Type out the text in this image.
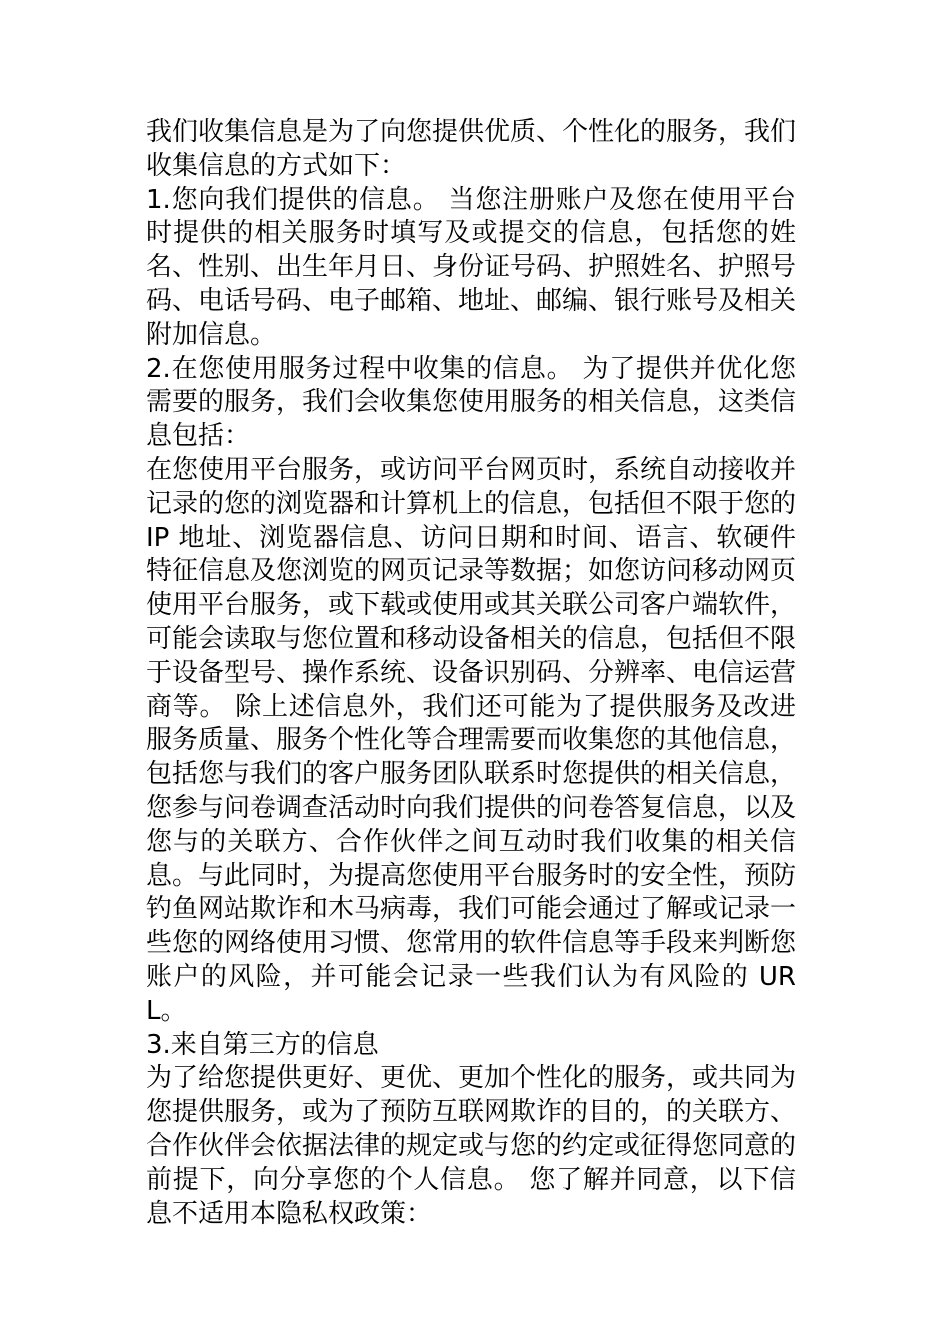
我们收集信息是为了向您提供优质、个性化的服务，我们收集信息的方式如下：

1.您向我们提供的信息。 当您注册账户及您在使用平台时提供的相关服务时填写及或提交的信息，包括您的姓名、性别、出生年月日、身份证号码、护照姓名、护照号码、电话号码、电子邮箱、地址、邮编、银行账号及相关附加信息。

2.在您使用服务过程中收集的信息。 为了提供并优化您需要的服务，我们会收集您使用服务的相关信息，这类信息包括：

在您使用平台服务，或访问平台网页时，系统自动接收并记录的您的浏览器和计算机上的信息，包括但不限于您的IP 地址、浏览器信息、访问日期和时间、语言、软硬件特征信息及您浏览的网页记录等数据；如您访问移动网页使用平台服务，或下载或使用或其关联公司客户端软件，可能会读取与您位置和移动设备相关的信息，包括但不限于设备型号、操作系统、设备识别码、分辨率、电信运营商等。 除上述信息外，我们还可能为了提供服务及改进服务质量、服务个性化等合理需要而收集您的其他信息，包括您与我们的客户服务团队联系时您提供的相关信息，您参与问卷调查活动时向我们提供的问卷答复信息，以及您与的关联方、合作伙伴之间互动时我们收集的相关信息。与此同时，为提高您使用平台服务时的安全性，预防钓鱼网站欺诈和木马病毒，我们可能会通过了解或记录一些您的网络使用习惯、您常用的软件信息等手段来判断您账户的风险，并可能会记录一些我们认为有风险的 URL。

3.来自第三方的信息

为了给您提供更好、更优、更加个性化的服务，或共同为您提供服务，或为了预防互联网欺诈的目的，的关联方、合作伙伴会依据法律的规定或与您的约定或征得您同意的前提下，向分享您的个人信息。 您了解并同意，以下信息不适用本隐私权政策：
